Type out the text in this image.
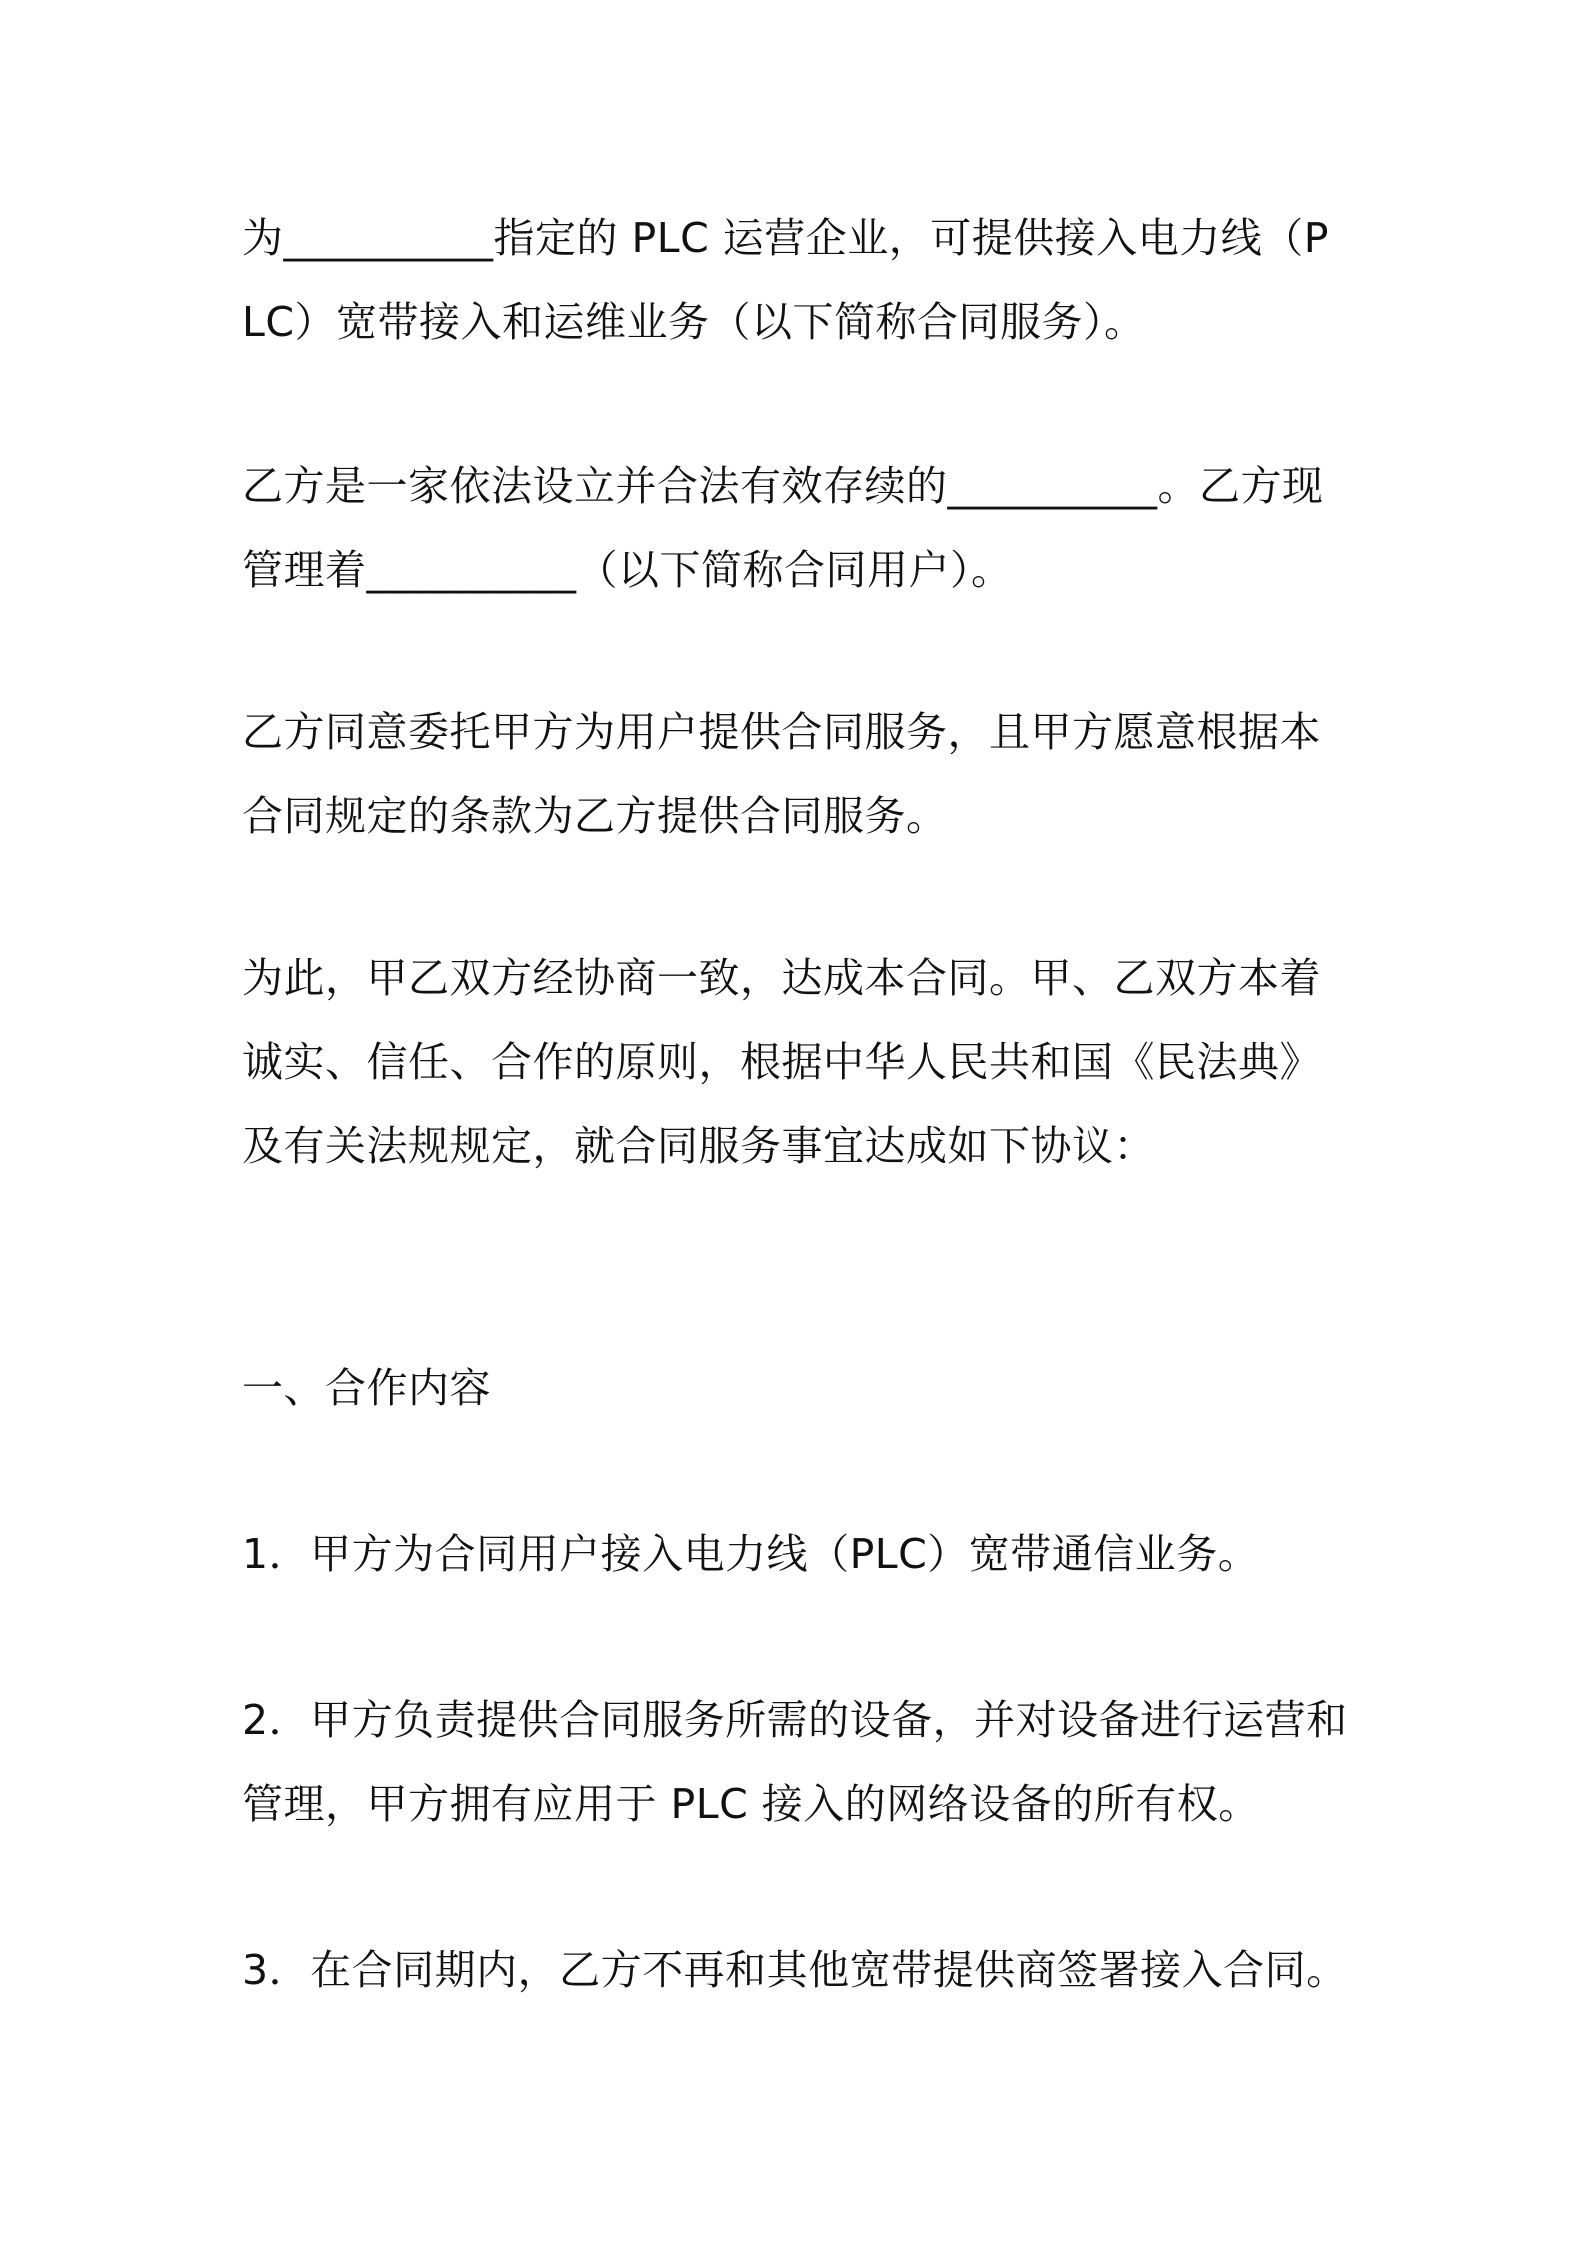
为__________指定的 PLC 运营企业，可提供接入电力线（PLC）宽带接入和运维业务（以下简称合同服务）。

乙方是一家依法设立并合法有效存续的__________。乙方现管理着__________（以下简称合同用户）。

乙方同意委托甲方为用户提供合同服务，且甲方愿意根据本合同规定的条款为乙方提供合同服务。

为此，甲乙双方经协商一致，达成本合同。甲、乙双方本着诚实、信任、合作的原则，根据中华人民共和国《民法典》及有关法规规定，就合同服务事宜达成如下协议：

一、合作内容

1．甲方为合同用户接入电力线（PLC）宽带通信业务。

2．甲方负责提供合同服务所需的设备，并对设备进行运营和管理，甲方拥有应用于 PLC 接入的网络设备的所有权。

3．在合同期内，乙方不再和其他宽带提供商签署接入合同。
